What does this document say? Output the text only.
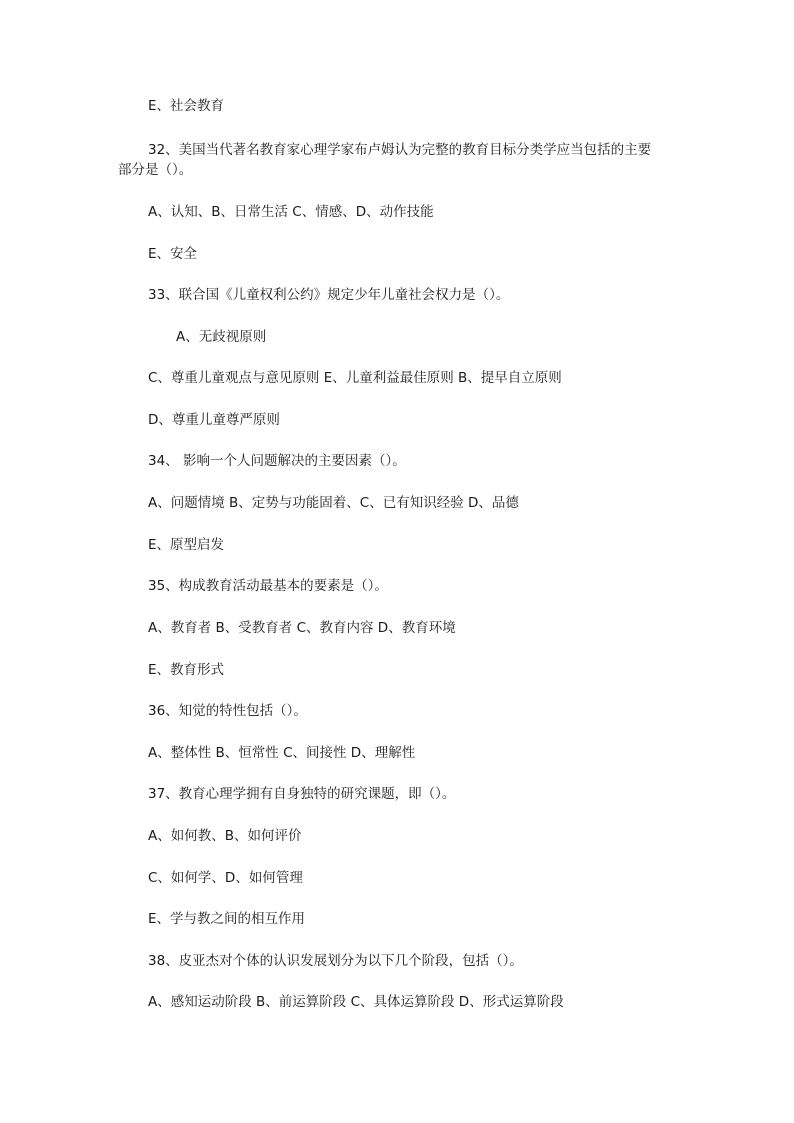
E、社会教育
32、美国当代著名教育家心理学家布卢姆认为完整的教育目标分类学应当包括的主要
部分是（）。
A、认知、B、日常生活 C、情感、D、动作技能
E、安全
33、联合国《儿童权利公约》规定少年儿童社会权力是（）。
A、无歧视原则
C、尊重儿童观点与意见原则 E、儿童利益最佳原则 B、提早自立原则
D、尊重儿童尊严原则
34、 影响一个人问题解决的主要因素（）。
A、问题情境 B、定势与功能固着、C、已有知识经验 D、品德
E、原型启发
35、构成教育活动最基本的要素是（）。
A、教育者 B、受教育者 C、教育内容 D、教育环境
E、教育形式
36、知觉的特性包括（）。
A、整体性 B、恒常性 C、间接性 D、理解性
37、教育心理学拥有自身独特的研究课题，即（）。
A、如何教、B、如何评价
C、如何学、D、如何管理
E、学与教之间的相互作用
38、皮亚杰对个体的认识发展划分为以下几个阶段，包括（）。
A、感知运动阶段 B、前运算阶段 C、具体运算阶段 D、形式运算阶段
